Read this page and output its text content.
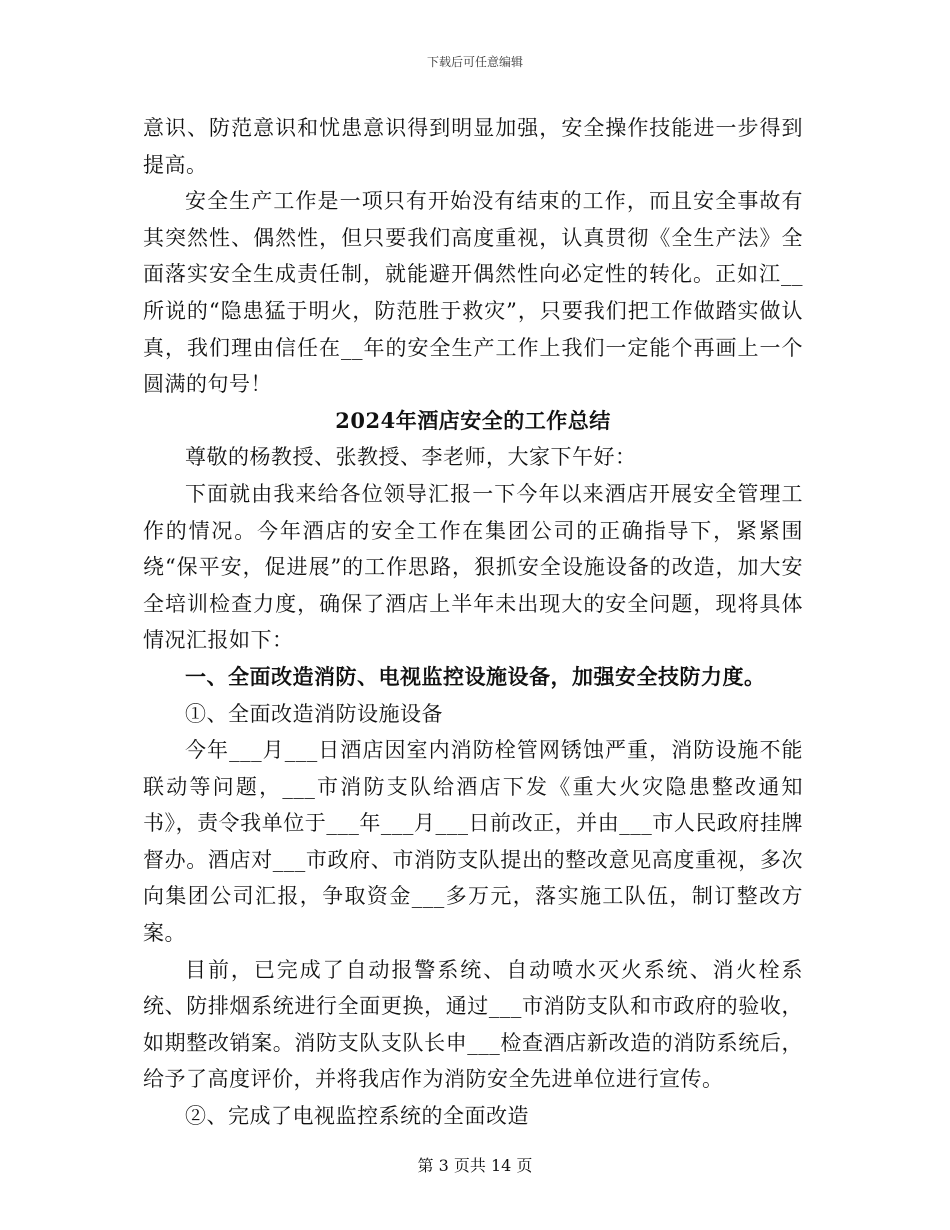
下载后可任意编辑

意识、防范意识和忧患意识得到明显加强，安全操作技能进一步得到提高。

安全生产工作是一项只有开始没有结束的工作，而且安全事故有其突然性、偶然性，但只要我们高度重视，认真贯彻《全生产法》全面落实安全生成责任制，就能避开偶然性向必定性的转化。正如江__所说的“隐患猛于明火，防范胜于救灾”，只要我们把工作做踏实做认真，我们理由信任在__年的安全生产工作上我们一定能个再画上一个圆满的句号！

2024年酒店安全的工作总结

尊敬的杨教授、张教授、李老师，大家下午好：

下面就由我来给各位领导汇报一下今年以来酒店开展安全管理工作的情况。今年酒店的安全工作在集团公司的正确指导下，紧紧围绕“保平安，促进展”的工作思路，狠抓安全设施设备的改造，加大安全培训检查力度，确保了酒店上半年未出现大的安全问题，现将具体情况汇报如下：

一、全面改造消防、电视监控设施设备，加强安全技防力度。

①、全面改造消防设施设备

今年___月___日酒店因室内消防栓管网锈蚀严重，消防设施不能联动等问题，___市消防支队给酒店下发《重大火灾隐患整改通知书》，责令我单位于___年___月___日前改正，并由___市人民政府挂牌督办。酒店对___市政府、市消防支队提出的整改意见高度重视，多次向集团公司汇报，争取资金___多万元，落实施工队伍，制订整改方案。

目前，已完成了自动报警系统、自动喷水灭火系统、消火栓系统、防排烟系统进行全面更换，通过___市消防支队和市政府的验收，如期整改销案。消防支队支队长申___检查酒店新改造的消防系统后，给予了高度评价，并将我店作为消防安全先进单位进行宣传。

②、完成了电视监控系统的全面改造

第 3 页共 14 页
